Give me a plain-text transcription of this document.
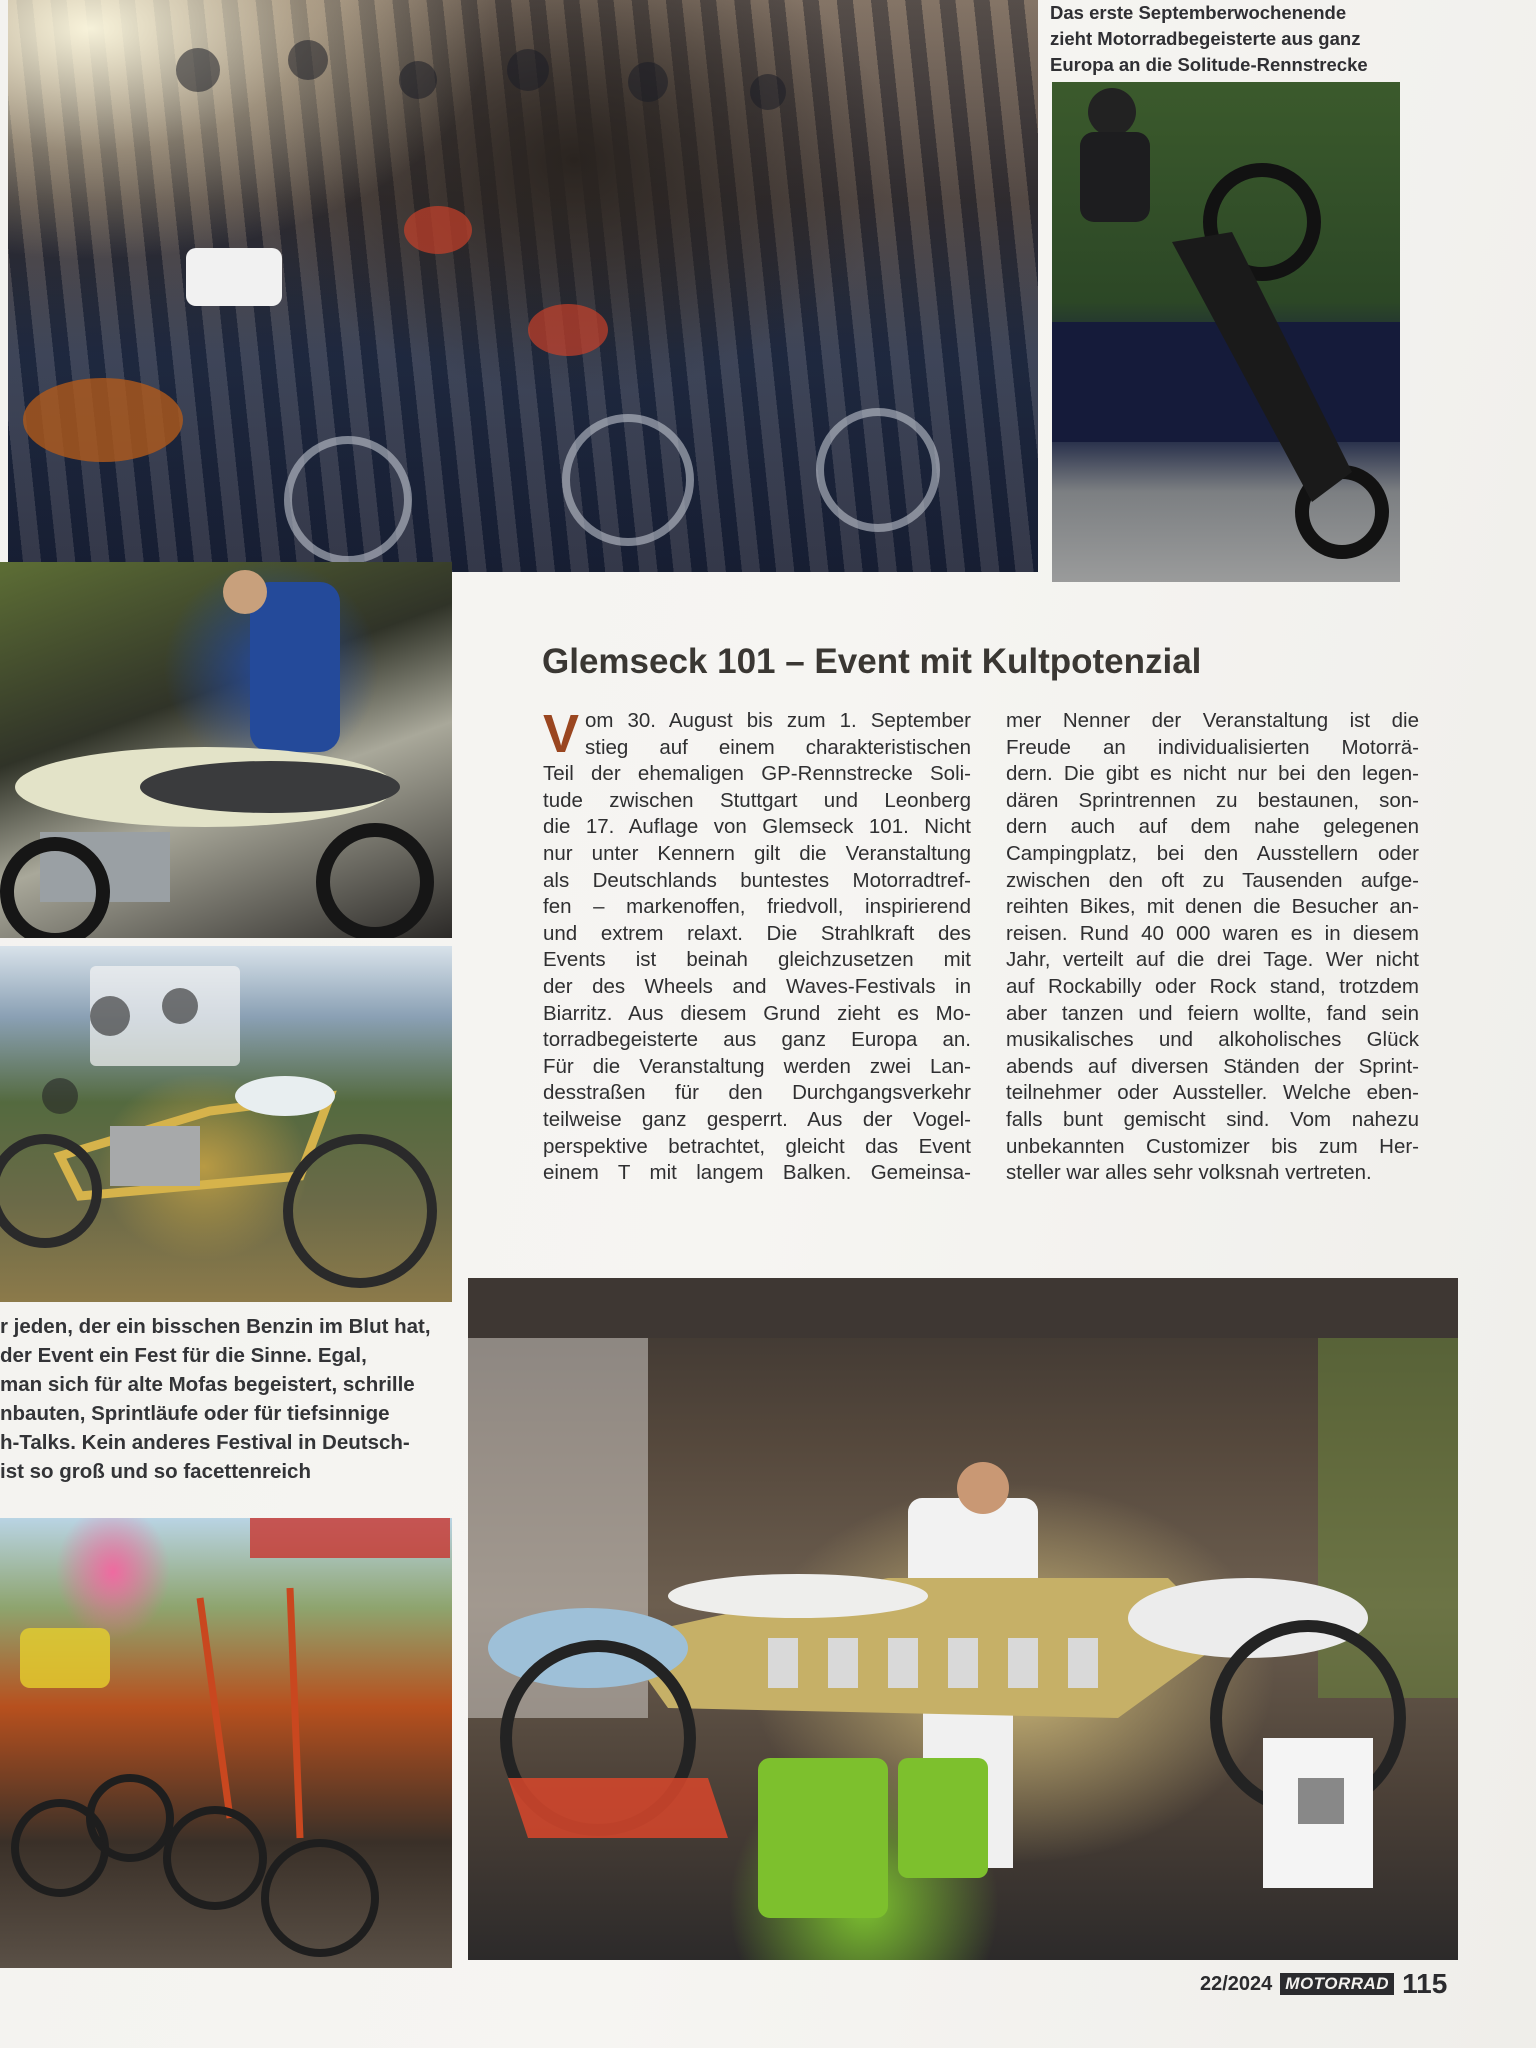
Das erste Septemberwochenende
zieht Motorradbegeisterte aus ganz
Europa an die Solitude-Rennstrecke
Glemseck 101 – Event mit Kultpotenzial
V om 30. August bis zum 1. September
stieg auf einem charakteristischen
Teil der ehemaligen GP-Rennstrecke Soli-
tude zwischen Stuttgart und Leonberg
die 17. Auflage von Glemseck 101. Nicht
nur unter Kennern gilt die Veranstaltung
als Deutschlands buntestes Motorradtref-
fen – markenoffen, friedvoll, inspirierend
und extrem relaxt. Die Strahlkraft des
Events ist beinah gleichzusetzen mit
der des Wheels and Waves-Festivals in
Biarritz. Aus diesem Grund zieht es Mo-
torradbegeisterte aus ganz Europa an.
Für die Veranstaltung werden zwei Lan-
desstraßen für den Durchgangsverkehr
teilweise ganz gesperrt. Aus der Vogel-
perspektive betrachtet, gleicht das Event
einem T mit langem Balken. Gemeinsa-
mer Nenner der Veranstaltung ist die
Freude an individualisierten Motorrä-
dern. Die gibt es nicht nur bei den legen-
dären Sprintrennen zu bestaunen, son-
dern auch auf dem nahe gelegenen
Campingplatz, bei den Ausstellern oder
zwischen den oft zu Tausenden aufge-
reihten Bikes, mit denen die Besucher an-
reisen. Rund 40 000 waren es in diesem
Jahr, verteilt auf die drei Tage. Wer nicht
auf Rockabilly oder Rock stand, trotzdem
aber tanzen und feiern wollte, fand sein
musikalisches und alkoholisches Glück
abends auf diversen Ständen der Sprint-
teilnehmer oder Aussteller. Welche eben-
falls bunt gemischt sind. Vom nahezu
unbekannten Customizer bis zum Her-
steller war alles sehr volksnah vertreten.
r jeden, der ein bisschen Benzin im Blut hat,
der Event ein Fest für die Sinne. Egal,
man sich für alte Mofas begeistert, schrille
nbauten, Sprintläufe oder für tiefsinnige
h-Talks. Kein anderes Festival in Deutsch-
ist so groß und so facettenreich
22/2024 MOTORRAD 115
